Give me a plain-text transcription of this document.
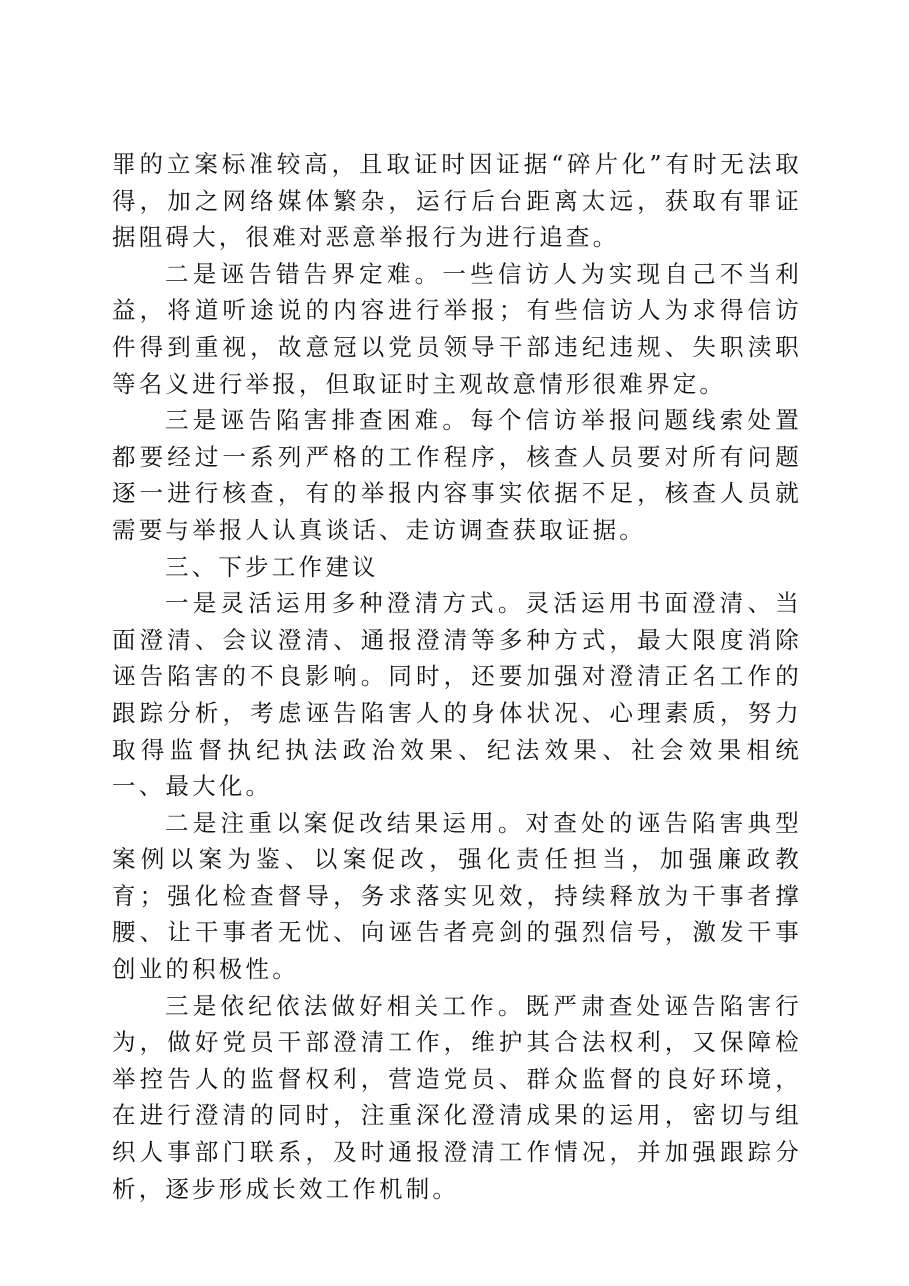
罪的立案标准较高，且取证时因证据“碎片化”有时无法取得，加之网络媒体繁杂，运行后台距离太远，获取有罪证据阻碍大，很难对恶意举报行为进行追查。

二是诬告错告界定难。一些信访人为实现自己不当利益，将道听途说的内容进行举报；有些信访人为求得信访件得到重视，故意冠以党员领导干部违纪违规、失职渎职等名义进行举报，但取证时主观故意情形很难界定。

三是诬告陷害排查困难。每个信访举报问题线索处置都要经过一系列严格的工作程序，核查人员要对所有问题逐一进行核查，有的举报内容事实依据不足，核查人员就需要与举报人认真谈话、走访调查获取证据。

三、下步工作建议

一是灵活运用多种澄清方式。灵活运用书面澄清、当面澄清、会议澄清、通报澄清等多种方式，最大限度消除诬告陷害的不良影响。同时，还要加强对澄清正名工作的跟踪分析，考虑诬告陷害人的身体状况、心理素质，努力取得监督执纪执法政治效果、纪法效果、社会效果相统一、最大化。

二是注重以案促改结果运用。对查处的诬告陷害典型案例以案为鉴、以案促改，强化责任担当，加强廉政教育；强化检查督导，务求落实见效，持续释放为干事者撑腰、让干事者无忧、向诬告者亮剑的强烈信号，激发干事创业的积极性。

三是依纪依法做好相关工作。既严肃查处诬告陷害行为，做好党员干部澄清工作，维护其合法权利，又保障检举控告人的监督权利，营造党员、群众监督的良好环境，在进行澄清的同时，注重深化澄清成果的运用，密切与组织人事部门联系，及时通报澄清工作情况，并加强跟踪分析，逐步形成长效工作机制。
